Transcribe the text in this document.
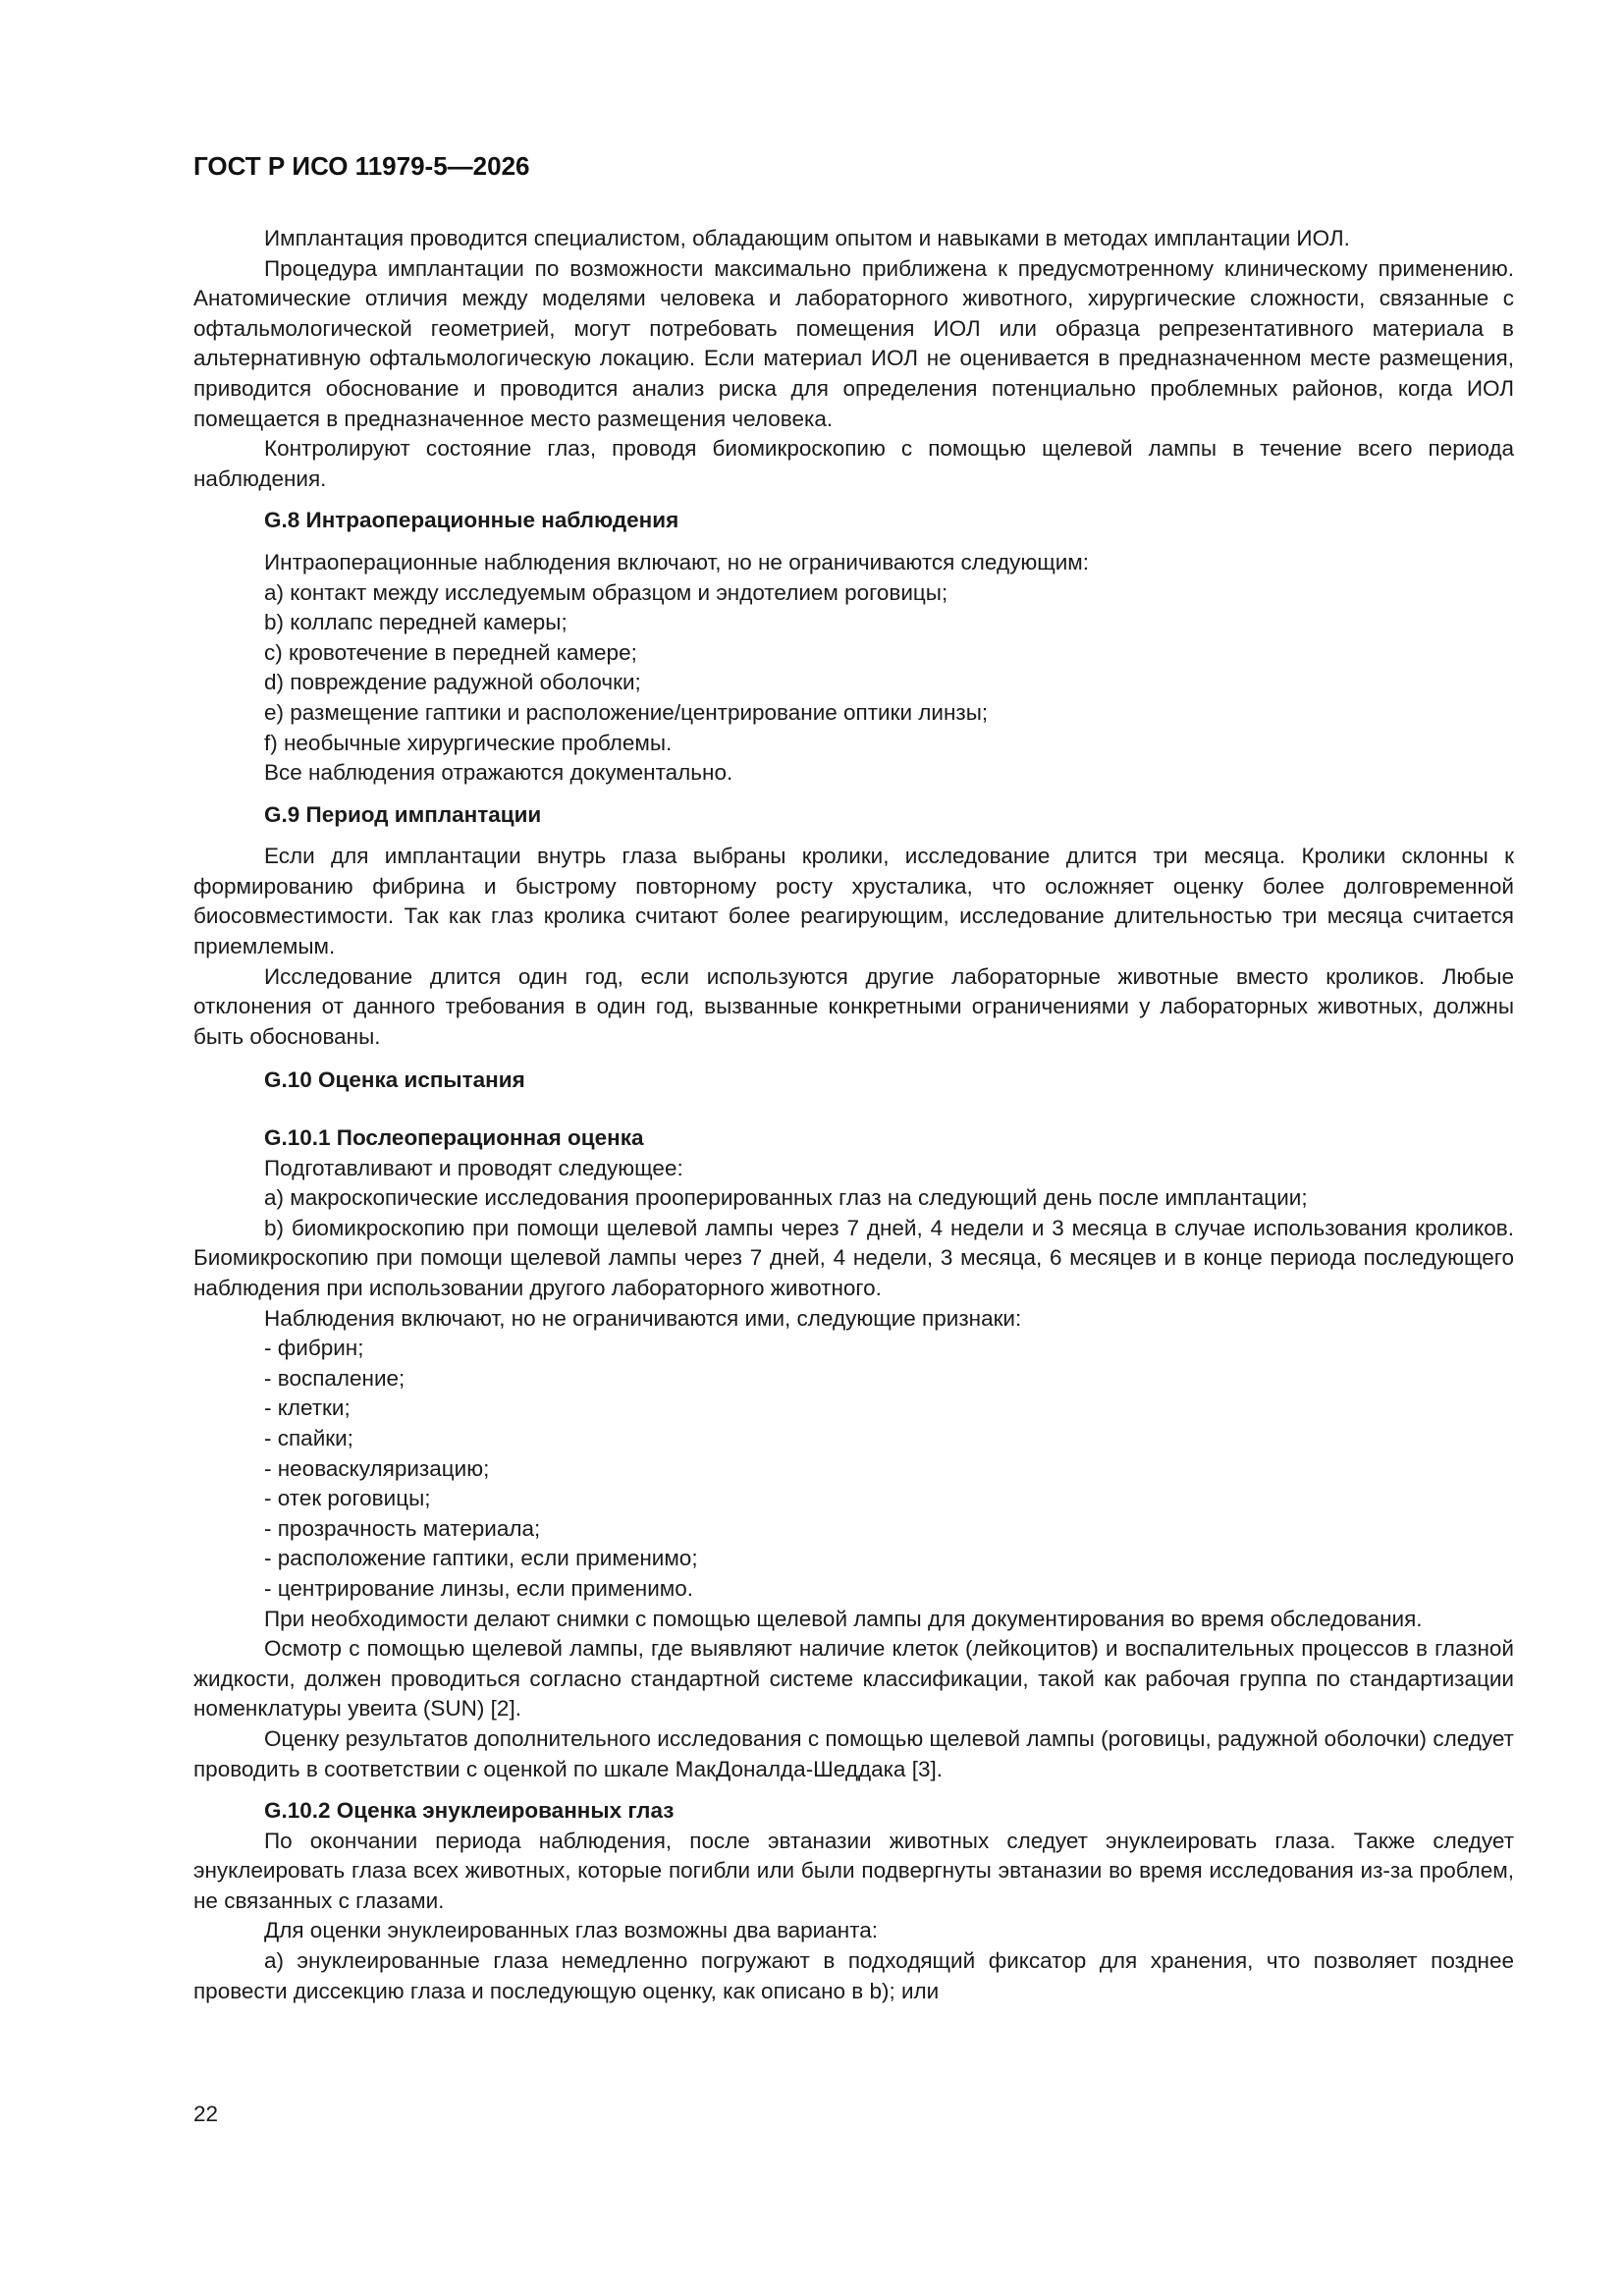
ГОСТ Р ИСО 11979-5—2026

Имплантация проводится специалистом, обладающим опытом и навыками в методах имплантации ИОЛ.

Процедура имплантации по возможности максимально приближена к предусмотренному клиническому применению. Анатомические отличия между моделями человека и лабораторного животного, хирургические сложности, связанные с офтальмологической геометрией, могут потребовать помещения ИОЛ или образца репрезентативного материала в альтернативную офтальмологическую локацию. Если материал ИОЛ не оценивается в предназначенном месте размещения, приводится обоснование и проводится анализ риска для определения потенциально проблемных районов, когда ИОЛ помещается в предназначенное место размещения человека.

Контролируют состояние глаз, проводя биомикроскопию с помощью щелевой лампы в течение всего периода наблюдения.

G.8 Интраоперационные наблюдения

Интраоперационные наблюдения включают, но не ограничиваются следующим:

a) контакт между исследуемым образцом и эндотелием роговицы;

b) коллапс передней камеры;

c) кровотечение в передней камере;

d) повреждение радужной оболочки;

e) размещение гаптики и расположение/центрирование оптики линзы;

f) необычные хирургические проблемы.

Все наблюдения отражаются документально.

G.9 Период имплантации

Если для имплантации внутрь глаза выбраны кролики, исследование длится три месяца. Кролики склонны к формированию фибрина и быстрому повторному росту хрусталика, что осложняет оценку более долговременной биосовместимости. Так как глаз кролика считают более реагирующим, исследование длительностью три месяца считается приемлемым.

Исследование длится один год, если используются другие лабораторные животные вместо кроликов. Любые отклонения от данного требования в один год, вызванные конкретными ограничениями у лабораторных животных, должны быть обоснованы.

G.10 Оценка испытания

G.10.1 Послеоперационная оценка

Подготавливают и проводят следующее:

a) макроскопические исследования прооперированных глаз на следующий день после имплантации;

b) биомикроскопию при помощи щелевой лампы через 7 дней, 4 недели и 3 месяца в случае использования кроликов. Биомикроскопию при помощи щелевой лампы через 7 дней, 4 недели, 3 месяца, 6 месяцев и в конце периода последующего наблюдения при использовании другого лабораторного животного.

Наблюдения включают, но не ограничиваются ими, следующие признаки:

- фибрин;

- воспаление;

- клетки;

- спайки;

- неоваскуляризацию;

- отек роговицы;

- прозрачность материала;

- расположение гаптики, если применимо;

- центрирование линзы, если применимо.

При необходимости делают снимки с помощью щелевой лампы для документирования во время обследования.

Осмотр с помощью щелевой лампы, где выявляют наличие клеток (лейкоцитов) и воспалительных процессов в глазной жидкости, должен проводиться согласно стандартной системе классификации, такой как рабочая группа по стандартизации номенклатуры увеита (SUN) [2].

Оценку результатов дополнительного исследования с помощью щелевой лампы (роговицы, радужной оболочки) следует проводить в соответствии с оценкой по шкале МакДоналда-Шеддака [3].

G.10.2 Оценка энуклеированных глаз

По окончании периода наблюдения, после эвтаназии животных следует энуклеировать глаза. Также следует энуклеировать глаза всех животных, которые погибли или были подвергнуты эвтаназии во время исследования из-за проблем, не связанных с глазами.

Для оценки энуклеированных глаз возможны два варианта:

a) энуклеированные глаза немедленно погружают в подходящий фиксатор для хранения, что позволяет позднее провести диссекцию глаза и последующую оценку, как описано в b); или

22
